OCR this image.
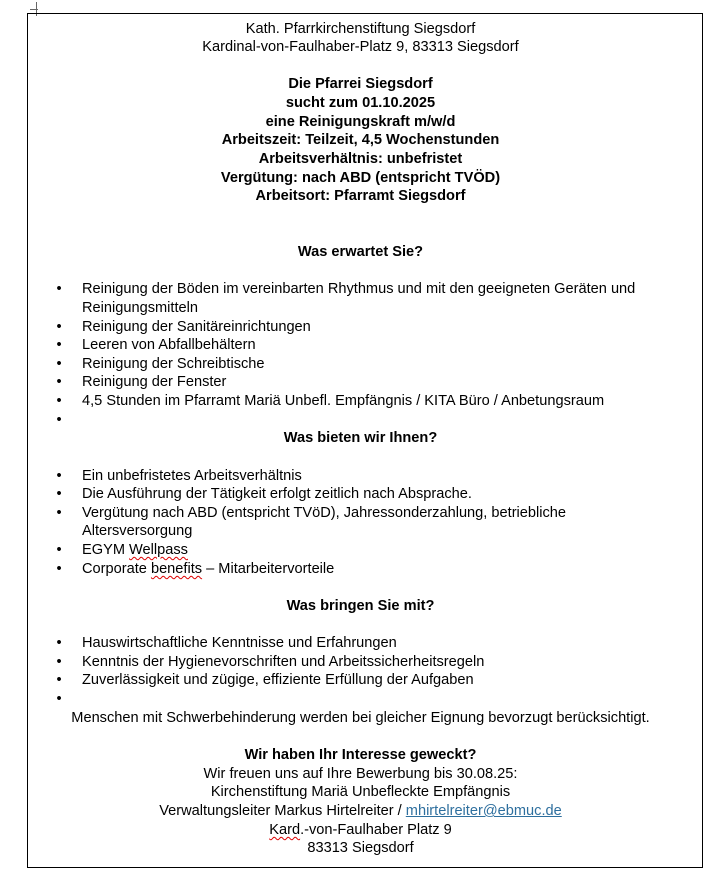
Kath. Pfarrkirchenstiftung Siegsdorf
Kardinal-von-Faulhaber-Platz 9, 83313 Siegsdorf
Die Pfarrei Siegsdorf
sucht zum 01.10.2025
eine Reinigungskraft m/w/d
Arbeitszeit: Teilzeit, 4,5 Wochenstunden
Arbeitsverhältnis: unbefristet
Vergütung: nach ABD (entspricht TVÖD)
Arbeitsort: Pfarramt Siegsdorf
Was erwartet Sie?
• Reinigung der Böden im vereinbarten Rhythmus und mit den geeigneten Geräten und
Reinigungsmitteln
• Reinigung der Sanitäreinrichtungen
• Leeren von Abfallbehältern
• Reinigung der Schreibtische
• Reinigung der Fenster
• 4,5 Stunden im Pfarramt Mariä Unbefl. Empfängnis / KITA Büro / Anbetungsraum
•
Was bieten wir Ihnen?
• Ein unbefristetes Arbeitsverhältnis
• Die Ausführung der Tätigkeit erfolgt zeitlich nach Absprache.
• Vergütung nach ABD (entspricht TVöD), Jahressonderzahlung, betriebliche
Altersversorgung
• EGYM Wellpass
• Corporate benefits – Mitarbeitervorteile
Was bringen Sie mit?
• Hauswirtschaftliche Kenntnisse und Erfahrungen
• Kenntnis der Hygienevorschriften und Arbeitssicherheitsregeln
• Zuverlässigkeit und zügige, effiziente Erfüllung der Aufgaben
•
Menschen mit Schwerbehinderung werden bei gleicher Eignung bevorzugt berücksichtigt.
Wir haben Ihr Interesse geweckt?
Wir freuen uns auf Ihre Bewerbung bis 30.08.25:
Kirchenstiftung Mariä Unbefleckte Empfängnis
Verwaltungsleiter Markus Hirtelreiter / mhirtelreiter@ebmuc.de
Kard.-von-Faulhaber Platz 9
83313 Siegsdorf
